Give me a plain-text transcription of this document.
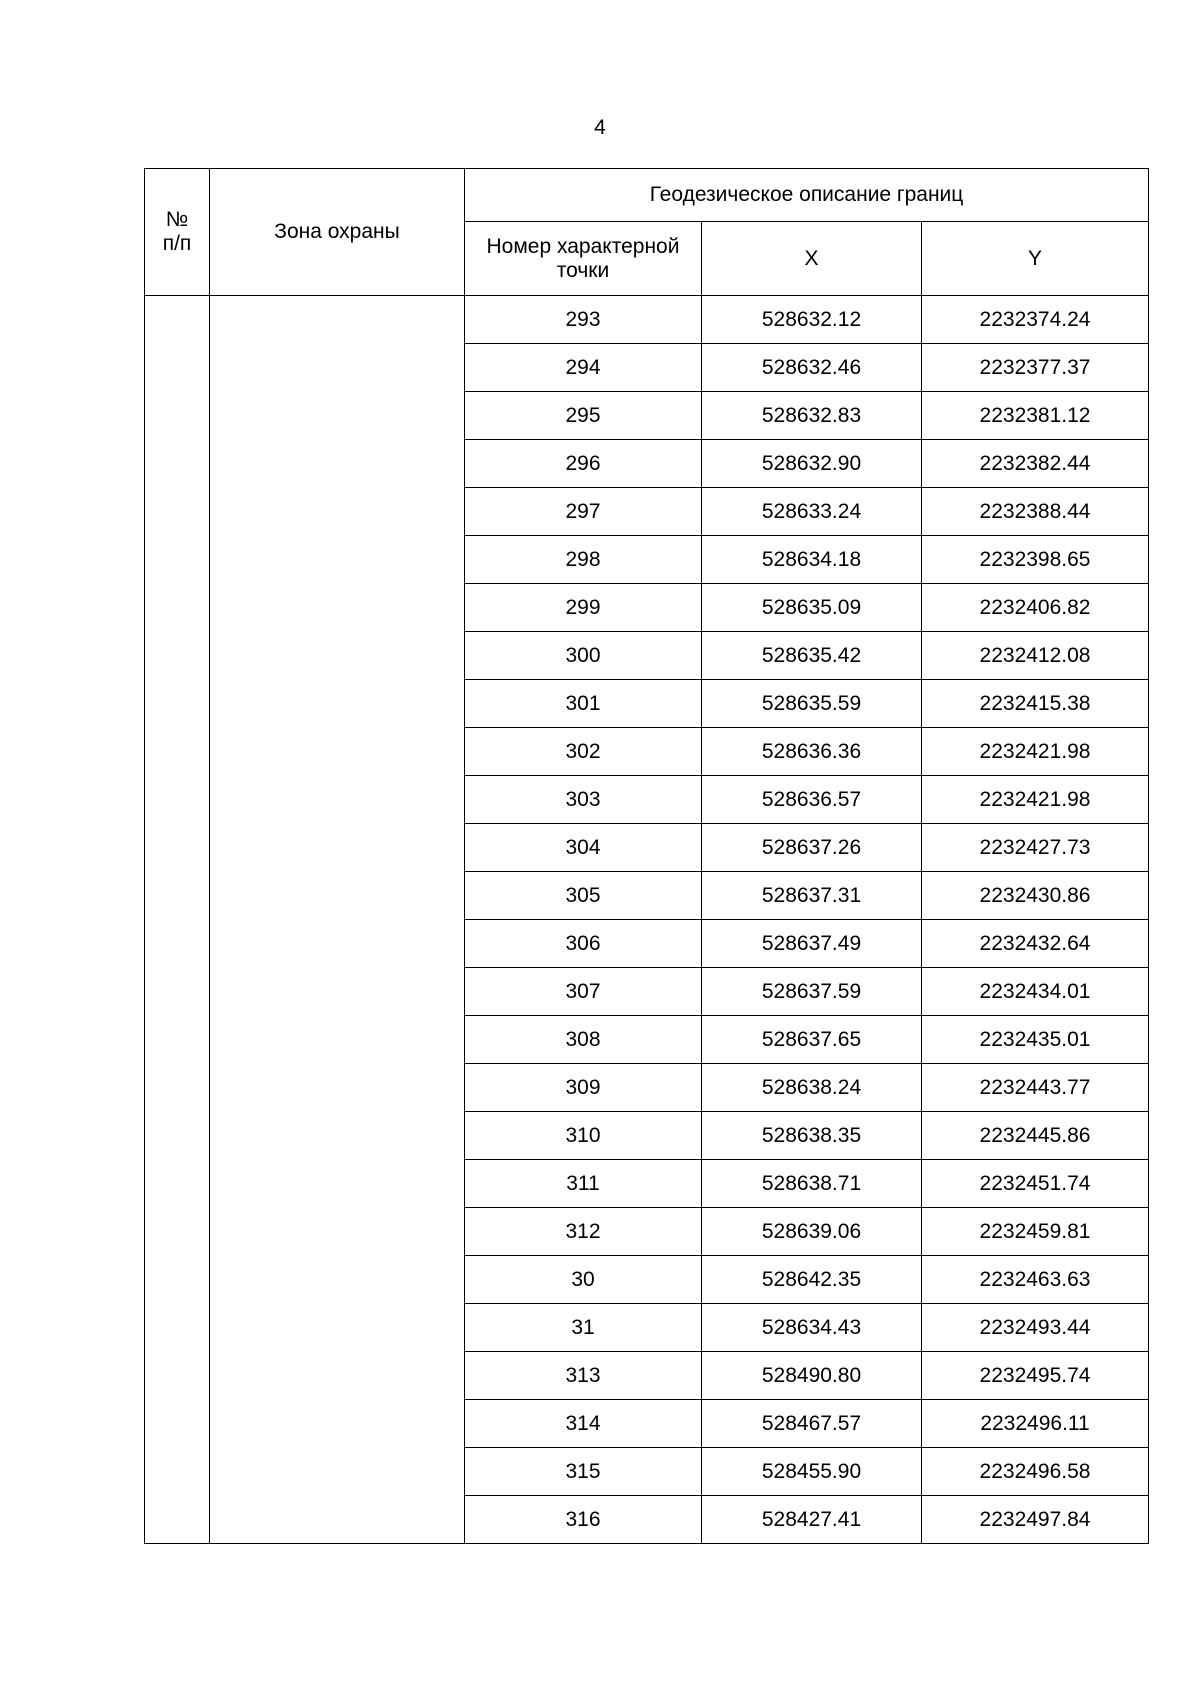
4
№
п/п	Зона охраны	Геодезическое описание границ		
		Номер характерной
точки	X	Y
		293	528632.12	2232374.24
		294	528632.46	2232377.37
		295	528632.83	2232381.12
		296	528632.90	2232382.44
		297	528633.24	2232388.44
		298	528634.18	2232398.65
		299	528635.09	2232406.82
		300	528635.42	2232412.08
		301	528635.59	2232415.38
		302	528636.36	2232421.98
		303	528636.57	2232421.98
		304	528637.26	2232427.73
		305	528637.31	2232430.86
		306	528637.49	2232432.64
		307	528637.59	2232434.01
		308	528637.65	2232435.01
		309	528638.24	2232443.77
		310	528638.35	2232445.86
		311	528638.71	2232451.74
		312	528639.06	2232459.81
		30	528642.35	2232463.63
		31	528634.43	2232493.44
		313	528490.80	2232495.74
		314	528467.57	2232496.11
		315	528455.90	2232496.58
		316	528427.41	2232497.84
